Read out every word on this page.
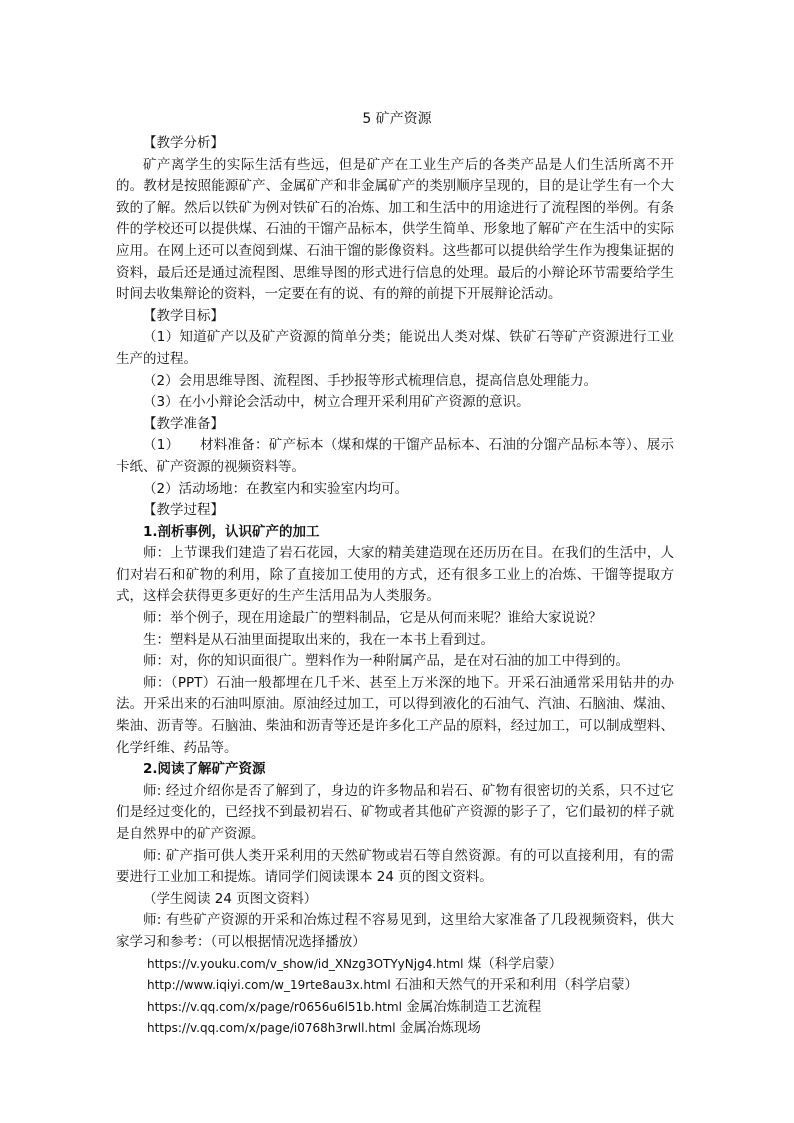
5 矿产资源

【教学分析】

矿产离学生的实际生活有些远，但是矿产在工业生产后的各类产品是人们生活所离不开的。教材是按照能源矿产、金属矿产和非金属矿产的类别顺序呈现的，目的是让学生有一个大致的了解。然后以铁矿为例对铁矿石的冶炼、加工和生活中的用途进行了流程图的举例。有条件的学校还可以提供煤、石油的干馏产品标本，供学生简单、形象地了解矿产在生活中的实际应用。在网上还可以查阅到煤、石油干馏的影像资料。这些都可以提供给学生作为搜集证据的资料，最后还是通过流程图、思维导图的形式进行信息的处理。最后的小辩论环节需要给学生时间去收集辩论的资料，一定要在有的说、有的辩的前提下开展辩论活动。

【教学目标】

（1）知道矿产以及矿产资源的简单分类；能说出人类对煤、铁矿石等矿产资源进行工业生产的过程。

（2）会用思维导图、流程图、手抄报等形式梳理信息，提高信息处理能力。

（3）在小小辩论会活动中，树立合理开采利用矿产资源的意识。

【教学准备】

（1）　　材料准备：矿产标本（煤和煤的干馏产品标本、石油的分馏产品标本等）、展示卡纸、矿产资源的视频资料等。

（2）活动场地：在教室内和实验室内均可。

【教学过程】

1.剖析事例，认识矿产的加工

师：上节课我们建造了岩石花园，大家的精美建造现在还历历在目。在我们的生活中，人们对岩石和矿物的利用，除了直接加工使用的方式，还有很多工业上的冶炼、干馏等提取方式，这样会获得更多更好的生产生活用品为人类服务。

师：举个例子，现在用途最广的塑料制品，它是从何而来呢？谁给大家说说？

生：塑料是从石油里面提取出来的，我在一本书上看到过。

师：对，你的知识面很广。塑料作为一种附属产品，是在对石油的加工中得到的。

师：（PPT）石油一般都埋在几千米、甚至上万米深的地下。开采石油通常采用钻井的办法。开采出来的石油叫原油。原油经过加工，可以得到液化的石油气、汽油、石脑油、煤油、柴油、沥青等。石脑油、柴油和沥青等还是许多化工产品的原料，经过加工，可以制成塑料、化学纤维、药品等。

2.阅读了解矿产资源

师: 经过介绍你是否了解到了，身边的许多物品和岩石、矿物有很密切的关系，只不过它们是经过变化的，已经找不到最初岩石、矿物或者其他矿产资源的影子了，它们最初的样子就是自然界中的矿产资源。

师: 矿产指可供人类开采利用的天然矿物或岩石等自然资源。有的可以直接利用，有的需要进行工业加工和提炼。请同学们阅读课本 24 页的图文资料。

（学生阅读 24 页图文资料）

师: 有些矿产资源的开采和冶炼过程不容易见到，这里给大家准备了几段视频资料，供大家学习和参考：（可以根据情况选择播放）

https://v.youku.com/v_show/id_XNzg3OTYyNjg4.html 煤（科学启蒙）

http://www.iqiyi.com/w_19rte8au3x.html 石油和天然气的开采和利用（科学启蒙）

https://v.qq.com/x/page/r0656u6l51b.html 金属冶炼制造工艺流程

https://v.qq.com/x/page/i0768h3rwll.html 金属冶炼现场
